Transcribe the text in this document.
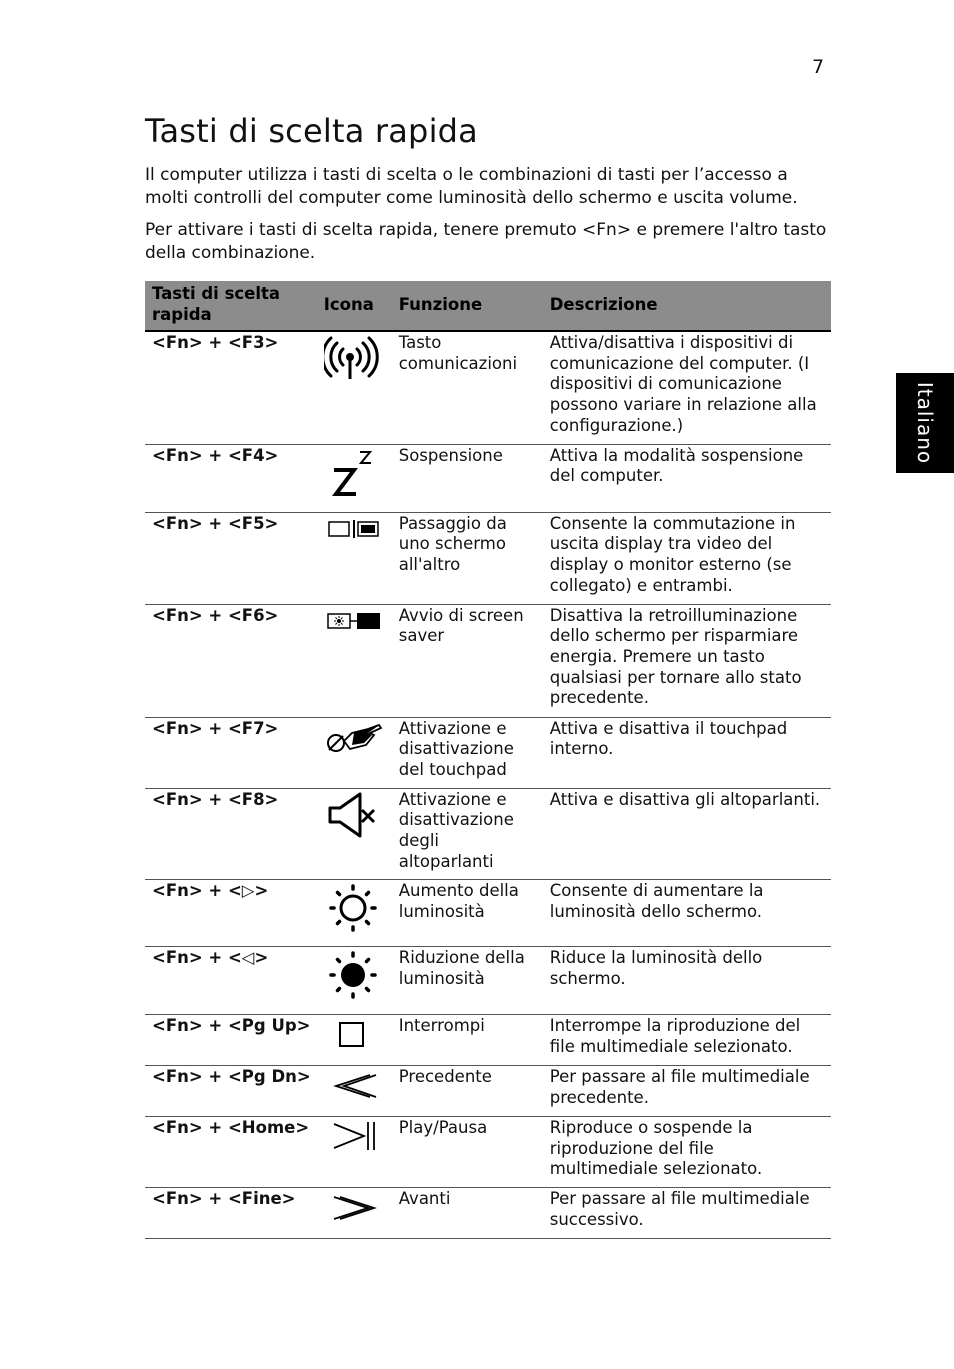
7
Tasti di scelta rapida

Il computer utilizza i tasti di scelta o le combinazioni di tasti per l’accesso a molti controlli del computer come luminosità dello schermo e uscita volume.

Per attivare i tasti di scelta rapida, tenere premuto <Fn> e premere l'altro tasto della combinazione.

Italiano
Tasti di scelta rapida	Icona	Funzione	Descrizione
<Fn> + <F3>		Tasto comunicazioni	Attiva/disattiva i dispositivi di comunicazione del computer. (I dispositivi di comunicazione possono variare in relazione alla configurazione.)
<Fn> + <F4>		Sospensione	Attiva la modalità sospensione del computer.
<Fn> + <F5>		Passaggio da uno schermo all'altro	Consente la commutazione in uscita display tra video del display o monitor esterno (se collegato) e entrambi.
<Fn> + <F6>		Avvio di screen saver	Disattiva la retroilluminazione dello schermo per risparmiare energia. Premere un tasto qualsiasi per tornare allo stato precedente.
<Fn> + <F7>		Attivazione e disattivazione del touchpad	Attiva e disattiva il touchpad interno.
<Fn> + <F8>		Attivazione e disattivazione degli altoparlanti	Attiva e disattiva gli altoparlanti.
<Fn> + <▷>		Aumento della luminosità	Consente di aumentare la luminosità dello schermo.
<Fn> + <◁>		Riduzione della luminosità	Riduce la luminosità dello schermo.
<Fn> + <Pg Up>		Interrompi	Interrompe la riproduzione del file multimediale selezionato.
<Fn> + <Pg Dn>		Precedente	Per passare al file multimediale precedente.
<Fn> + <Home>		Play/Pausa	Riproduce o sospende la riproduzione del file multimediale selezionato.
<Fn> + <Fine>		Avanti	Per passare al file multimediale successivo.
